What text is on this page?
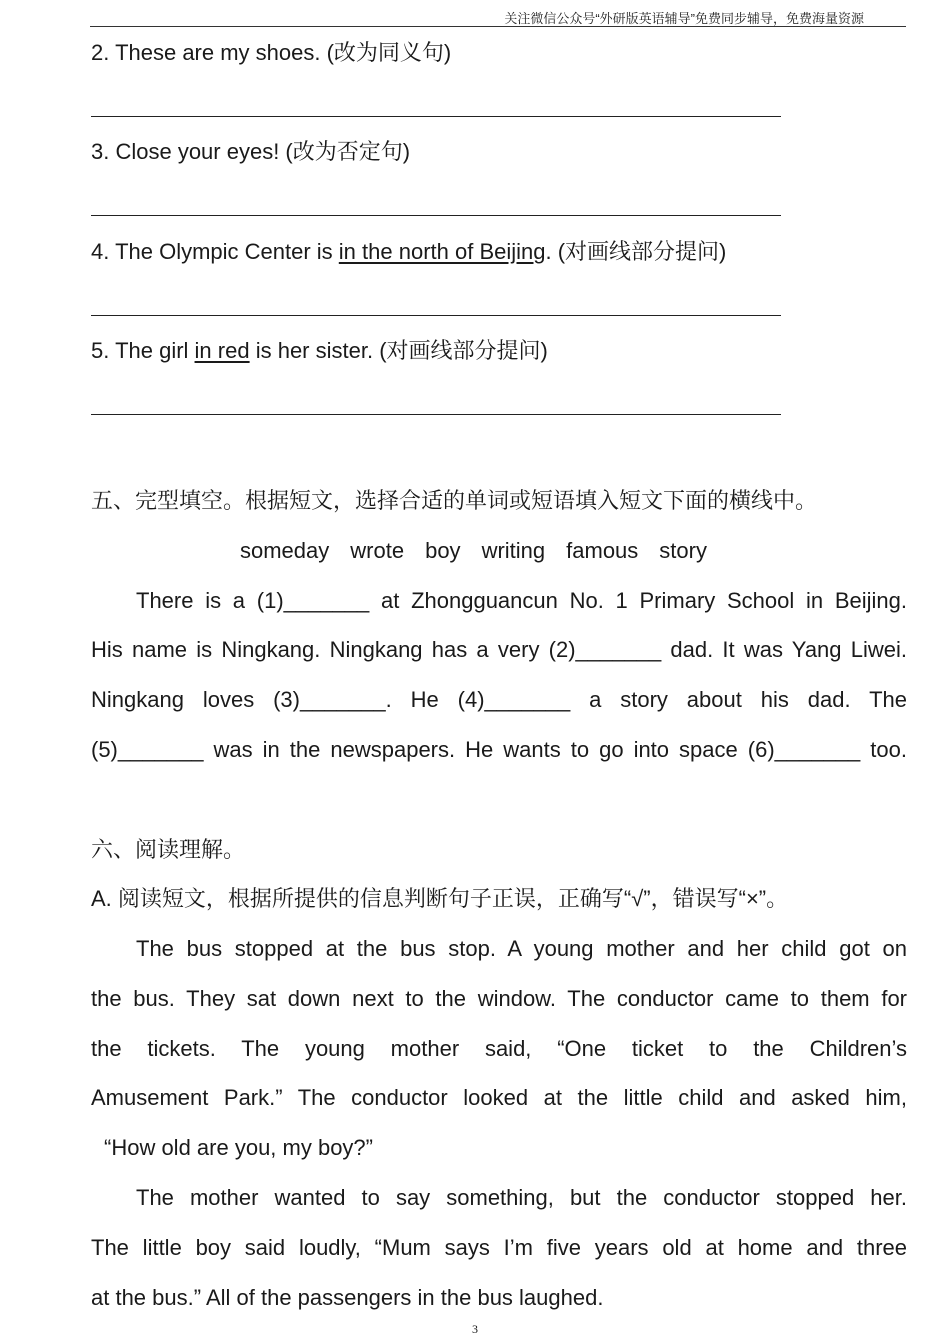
关注微信公众号“外研版英语辅导”免费同步辅导，免费海量资源
2. These are my shoes. (改为同义句)
3. Close your eyes! (改为否定句)
4. The Olympic Center is in the north of Beijing. (对画线部分提问)
5. The girl in red is her sister. (对画线部分提问)
五、完型填空。根据短文，选择合适的单词或短语填入短文下面的横线中。
someday wrote boy writing famous story
There is a (1)_______ at Zhongguancun No. 1 Primary School in Beijing.
His name is Ningkang. Ningkang has a very (2)_______ dad. It was Yang Liwei.
Ningkang loves (3)_______. He (4)_______ a story about his dad. The
(5)_______ was in the newspapers. He wants to go into space (6)_______ too.
六、阅读理解。
A. 阅读短文，根据所提供的信息判断句子正误，正确写“√”，错误写“×”。
The bus stopped at the bus stop. A young mother and her child got on
the bus. They sat down next to the window. The conductor came to them for
the tickets. The young mother said, “One ticket to the Children’s
Amusement Park.” The conductor looked at the little child and asked him,
“How old are you, my boy?”
The mother wanted to say something, but the conductor stopped her.
The little boy said loudly, “Mum says I’m five years old at home and three
at the bus.” All of the passengers in the bus laughed.
3
